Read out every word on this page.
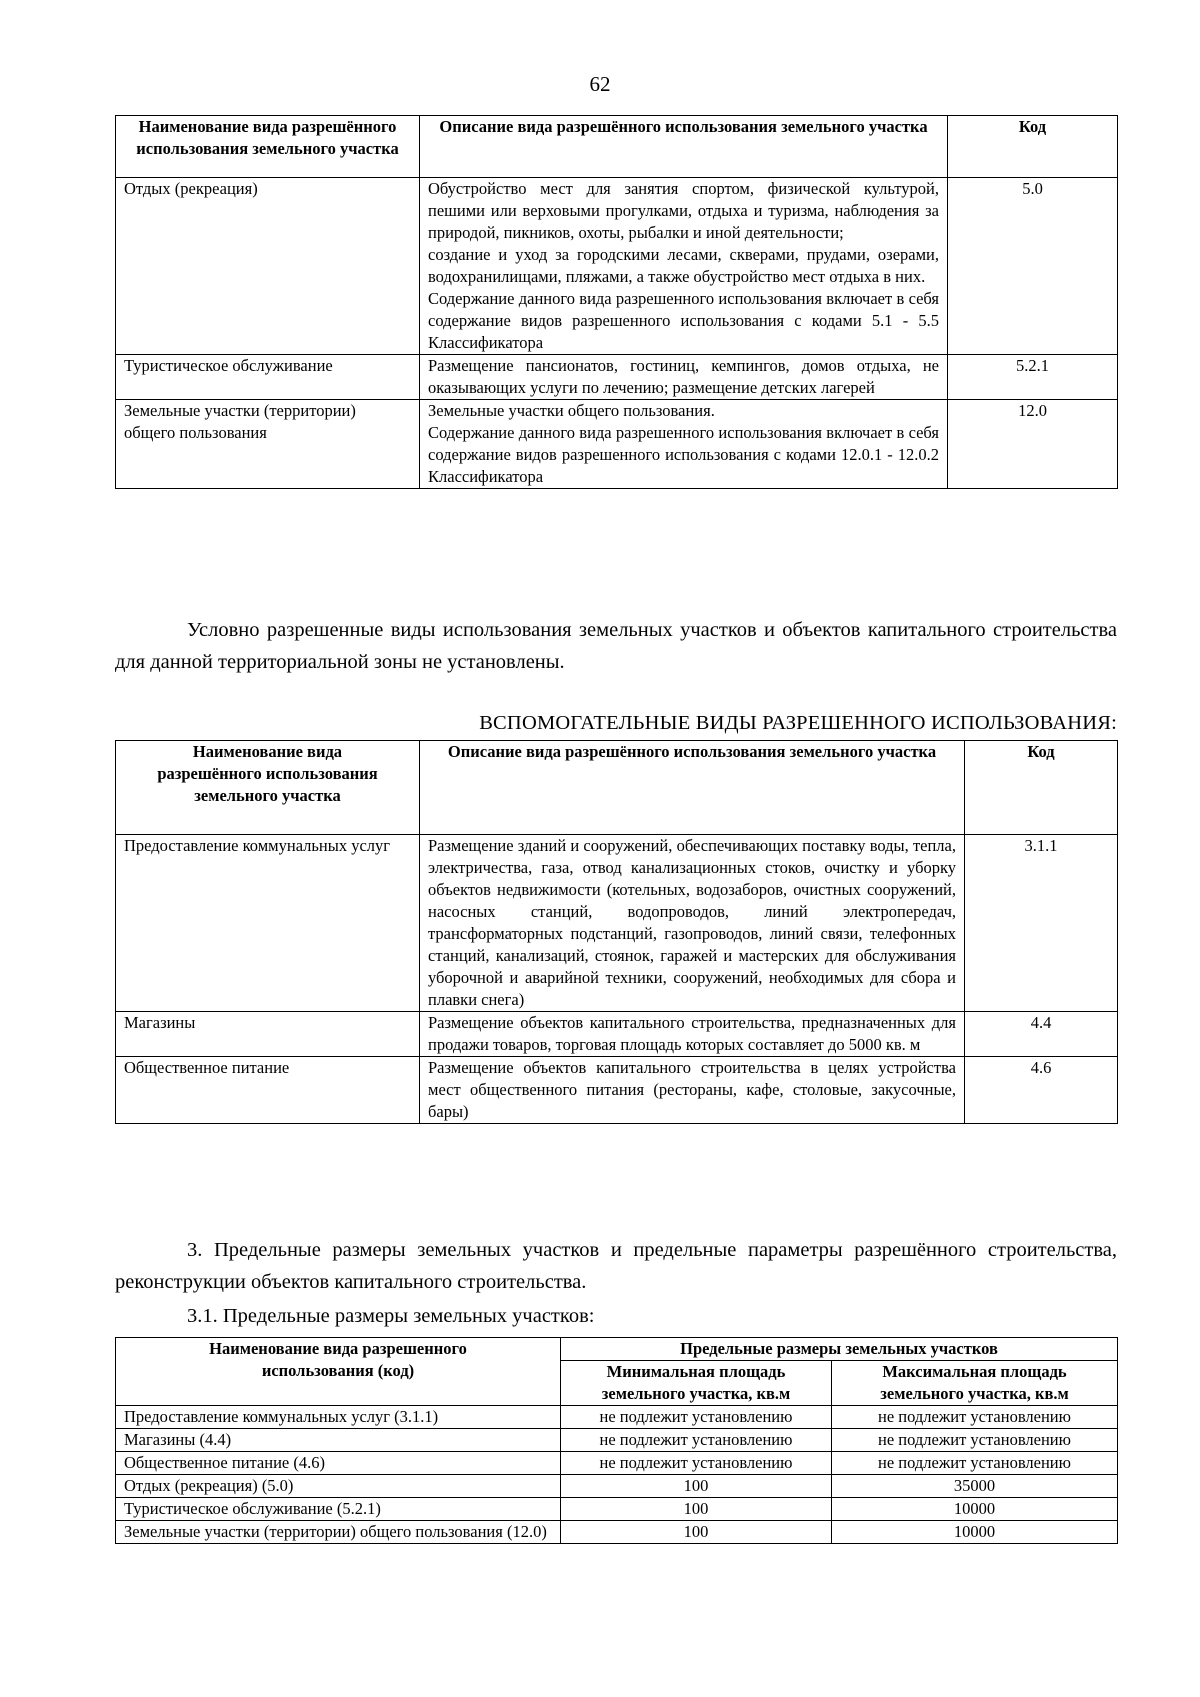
62
Наименование вида разрешённого использования земельного участка	Описание вида разрешённого использования земельного участка	Код
Отдых (рекреация)	Обустройство мест для занятия спортом, физической культурой, пешими или верховыми прогулками, отдыха и туризма, наблюдения за природой, пикников, охоты, рыбалки и иной деятельности;
создание и уход за городскими лесами, скверами, прудами, озерами, водохранилищами, пляжами, а также обустройство мест отдыха в них.
Содержание данного вида разрешенного использования включает в себя содержание видов разрешенного использования с кодами 5.1 - 5.5 Классификатора	5.0
Туристическое обслуживание	Размещение пансионатов, гостиниц, кемпингов, домов отдыха, не оказывающих услуги по лечению; размещение детских лагерей	5.2.1
Земельные участки (территории) общего пользования	Земельные участки общего пользования.
Содержание данного вида разрешенного использования включает в себя содержание видов разрешенного использования с кодами 12.0.1 - 12.0.2 Классификатора	12.0
Условно разрешенные виды использования земельных участков и объектов капитального строительства для данной территориальной зоны не установлены.
ВСПОМОГАТЕЛЬНЫЕ ВИДЫ РАЗРЕШЕННОГО ИСПОЛЬЗОВАНИЯ:
Наименование вида разрешённого использования земельного участка	Описание вида разрешённого использования земельного участка	Код
Предоставление коммунальных услуг	Размещение зданий и сооружений, обеспечивающих поставку воды, тепла, электричества, газа, отвод канализационных стоков, очистку и уборку объектов недвижимости (котельных, водозаборов, очистных сооружений, насосных станций, водопроводов, линий электропередач, трансформаторных подстанций, газопроводов, линий связи, телефонных станций, канализаций, стоянок, гаражей и мастерских для обслуживания уборочной и аварийной техники, сооружений, необходимых для сбора и плавки снега)	3.1.1
Магазины	Размещение объектов капитального строительства, предназначенных для продажи товаров, торговая площадь которых составляет до 5000 кв. м	4.4
Общественное питание	Размещение объектов капитального строительства в целях устройства мест общественного питания (рестораны, кафе, столовые, закусочные, бары)	4.6
3. Предельные размеры земельных участков и предельные параметры разрешённого строительства, реконструкции объектов капитального строительства.
3.1. Предельные размеры земельных участков:
Наименование вида разрешенного использования (код)	Предельные размеры земельных участков	
	Минимальная площадь земельного участка, кв.м	Максимальная площадь земельного участка, кв.м
Предоставление коммунальных услуг (3.1.1)	не подлежит установлению	не подлежит установлению
Магазины (4.4)	не подлежит установлению	не подлежит установлению
Общественное питание (4.6)	не подлежит установлению	не подлежит установлению
Отдых (рекреация) (5.0)	100	35000
Туристическое обслуживание (5.2.1)	100	10000
Земельные участки (территории) общего пользования (12.0)	100	10000
